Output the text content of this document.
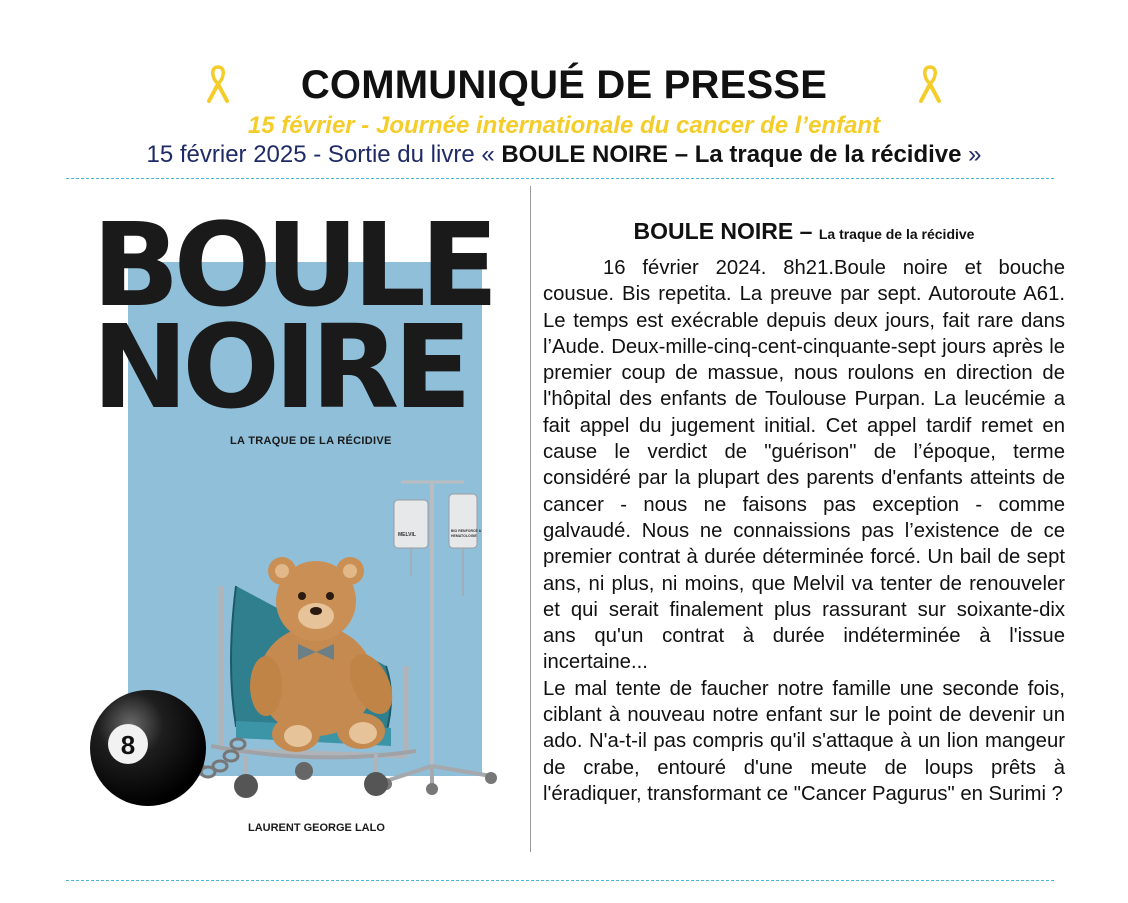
COMMUNIQUÉ DE PRESSE
15 février - Journée internationale du cancer de l’enfant
15 février 2025 - Sortie du livre « BOULE NOIRE – La traque de la récidive »
BOULE
NOIRE
LA TRAQUE DE LA RÉCIDIVE
MELVIL
BIO RENFORCÉ &
HEMATOLOGIE
8
LAURENT GEORGE LALO
BOULE NOIRE – La traque de la récidive

16 février 2024. 8h21.Boule noire et bouche cousue. Bis repetita. La preuve par sept. Autoroute A61. Le temps est exécrable depuis deux jours, fait rare dans l’Aude. Deux-mille-cinq-cent-cinquante-sept jours après le premier coup de massue, nous roulons en direction de l'hôpital des enfants de Toulouse Purpan. La leucémie a fait appel du jugement initial. Cet appel tardif remet en cause le verdict de "guérison" de l’époque, terme considéré par la plupart des parents d'enfants atteints de cancer - nous ne faisons pas exception - comme galvaudé. Nous ne connaissions pas l’existence de ce premier contrat à durée déterminée forcé. Un bail de sept ans, ni plus, ni moins, que Melvil va tenter de renouveler et qui serait finalement plus rassurant sur soixante-dix ans qu'un contrat à durée indéterminée à l'issue incertaine...

Le mal tente de faucher notre famille une seconde fois, ciblant à nouveau notre enfant sur le point de devenir un ado. N'a-t-il pas compris qu'il s'attaque à un lion mangeur de crabe, entouré d'une meute de loups prêts à l'éradiquer, transformant ce "Cancer Pagurus" en Surimi ?
